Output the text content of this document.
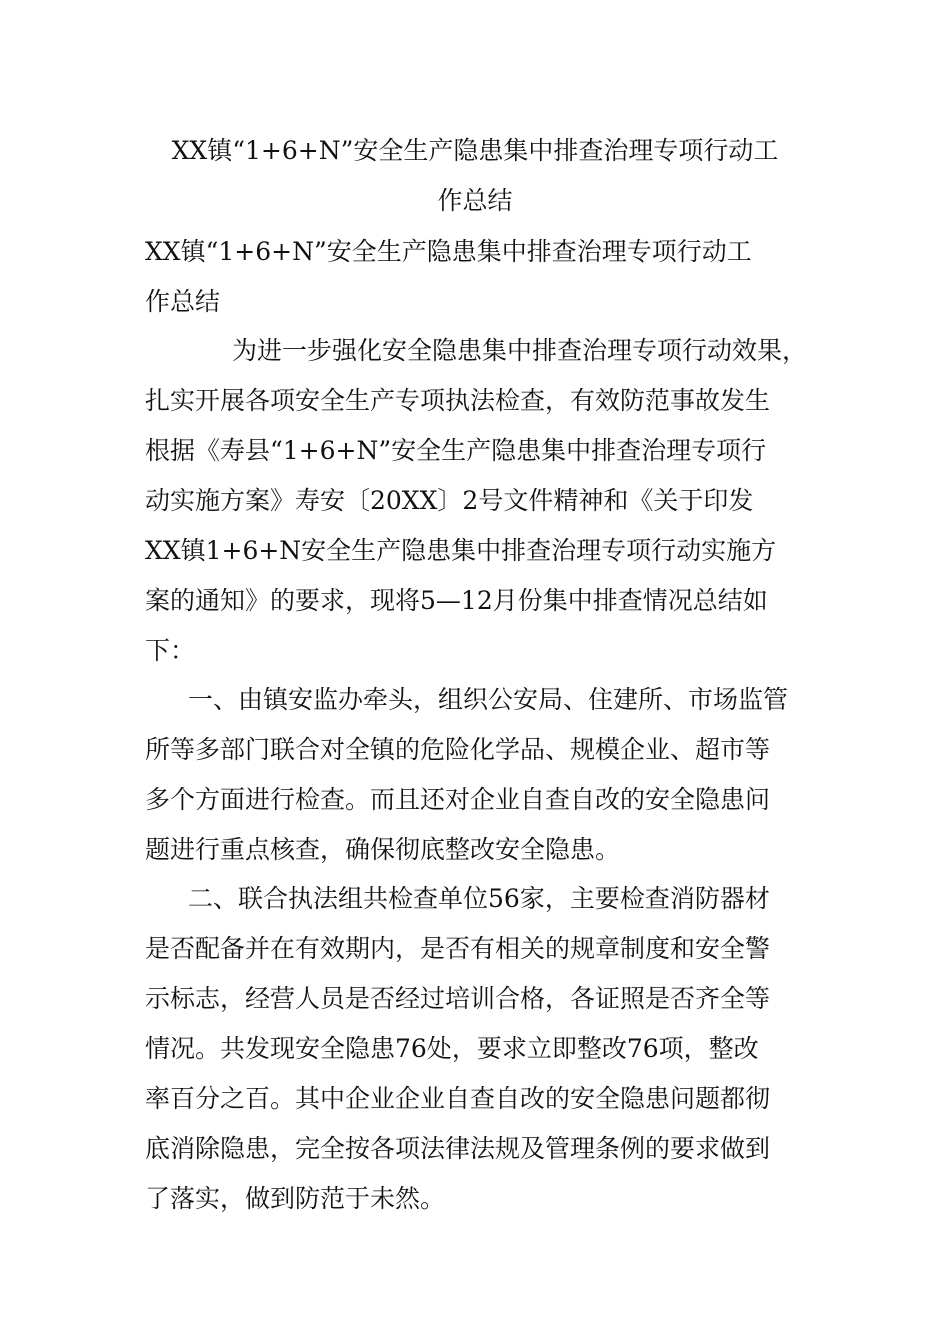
XX镇“1+6+N”安全生产隐患集中排查治理专项行动工
作总结
XX镇“1+6+N”安全生产隐患集中排查治理专项行动工
作总结
为进一步强化安全隐患集中排查治理专项行动效果，
扎实开展各项安全生产专项执法检查，有效防范事故发生
根据《寿县“1+6+N”安全生产隐患集中排查治理专项行
动实施方案》寿安〔20XX〕2号文件精神和《关于印发
XX镇1+6+N安全生产隐患集中排查治理专项行动实施方
案的通知》的要求，现将5—12月份集中排查情况总结如
下：
一、由镇安监办牵头，组织公安局、住建所、市场监管
所等多部门联合对全镇的危险化学品、规模企业、超市等
多个方面进行检查。而且还对企业自查自改的安全隐患问
题进行重点核查，确保彻底整改安全隐患。
二、联合执法组共检查单位56家，主要检查消防器材
是否配备并在有效期内，是否有相关的规章制度和安全警
示标志，经营人员是否经过培训合格，各证照是否齐全等
情况。共发现安全隐患76处，要求立即整改76项，整改
率百分之百。其中企业企业自查自改的安全隐患问题都彻
底消除隐患，完全按各项法律法规及管理条例的要求做到
了落实，做到防范于未然。
